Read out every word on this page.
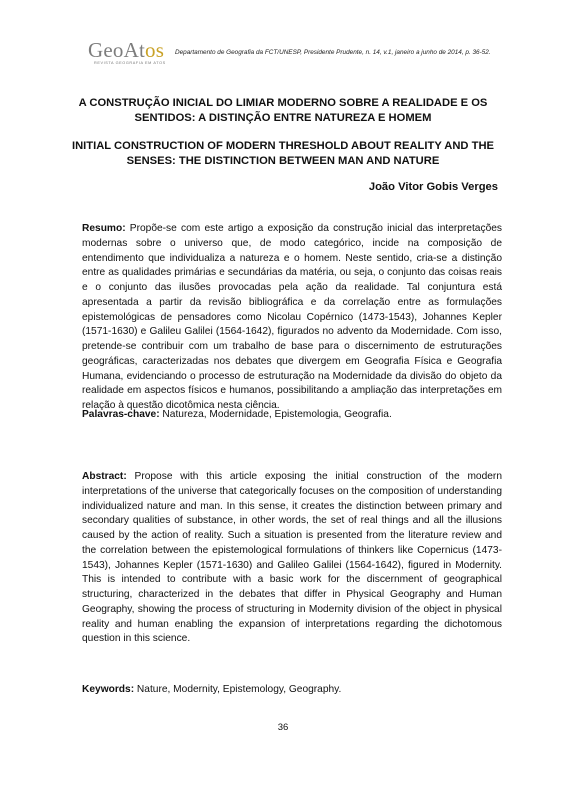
GeoAtos
REVISTA GEOGRAFIA EM ATOS
Departamento de Geografia da FCT/UNESP, Presidente Prudente, n. 14, v.1, janeiro a junho de 2014, p. 36-52.
A CONSTRUÇÃO INICIAL DO LIMIAR MODERNO SOBRE A REALIDADE E OS SENTIDOS: A DISTINÇÃO ENTRE NATUREZA E HOMEM
INITIAL CONSTRUCTION OF MODERN THRESHOLD ABOUT REALITY AND THE SENSES: THE DISTINCTION BETWEEN MAN AND NATURE

João Vitor Gobis Verges

Resumo: Propõe-se com este artigo a exposição da construção inicial das interpretações modernas sobre o universo que, de modo categórico, incide na composição de entendimento que individualiza a natureza e o homem. Neste sentido, cria-se a distinção entre as qualidades primárias e secundárias da matéria, ou seja, o conjunto das coisas reais e o conjunto das ilusões provocadas pela ação da realidade. Tal conjuntura está apresentada a partir da revisão bibliográfica e da correlação entre as formulações epistemológicas de pensadores como Nicolau Copérnico (1473-1543), Johannes Kepler (1571-1630) e Galileu Galilei (1564-1642), figurados no advento da Modernidade. Com isso, pretende-se contribuir com um trabalho de base para o discernimento de estruturações geográficas, caracterizadas nos debates que divergem em Geografia Física e Geografia Humana, evidenciando o processo de estruturação na Modernidade da divisão do objeto da realidade em aspectos físicos e humanos, possibilitando a ampliação das interpretações em relação à questão dicotômica nesta ciência.

Palavras-chave: Natureza, Modernidade, Epistemologia, Geografia.

Abstract: Propose with this article exposing the initial construction of the modern interpretations of the universe that categorically focuses on the composition of understanding individualized nature and man. In this sense, it creates the distinction between primary and secondary qualities of substance, in other words, the set of real things and all the illusions caused by the action of reality. Such a situation is presented from the literature review and the correlation between the epistemological formulations of thinkers like Copernicus (1473-1543), Johannes Kepler (1571-1630) and Galileo Galilei (1564-1642), figured in Modernity. This is intended to contribute with a basic work for the discernment of geographical structuring, characterized in the debates that differ in Physical Geography and Human Geography, showing the process of structuring in Modernity division of the object in physical reality and human enabling the expansion of interpretations regarding the dichotomous question in this science.

Keywords: Nature, Modernity, Epistemology, Geography.

36
